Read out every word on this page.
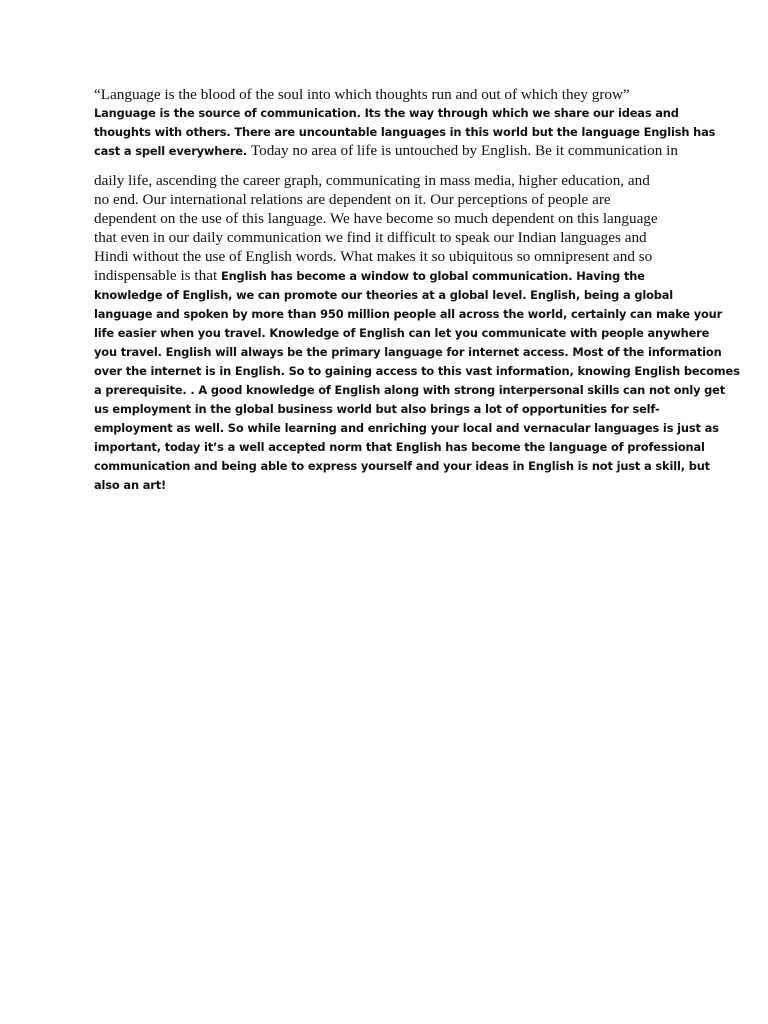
“Language is the blood of the soul into which thoughts run and out of which they grow”
Language is the source of communication. Its the way through which we share our ideas and
thoughts with others. There are uncountable languages in this world but the language English has
cast a spell everywhere. Today no area of life is untouched by English. Be it communication in
daily life, ascending the career graph, communicating in mass media, higher education, and
no end. Our international relations are dependent on it. Our perceptions of people are
dependent on the use of this language. We have become so much dependent on this language
that even in our daily communication we find it difficult to speak our Indian languages and
Hindi without the use of English words. What makes it so ubiquitous so omnipresent and so
indispensable is that English has become a window to global communication. Having the
knowledge of English, we can promote our theories at a global level. English, being a global
language and spoken by more than 950 million people all across the world, certainly can make your
life easier when you travel. Knowledge of English can let you communicate with people anywhere
you travel. English will always be the primary language for internet access. Most of the information
over the internet is in English. So to gaining access to this vast information, knowing English becomes
a prerequisite. . A good knowledge of English along with strong interpersonal skills can not only get
us employment in the global business world but also brings a lot of opportunities for self-
employment as well. So while learning and enriching your local and vernacular languages is just as
important, today it’s a well accepted norm that English has become the language of professional
communication and being able to express yourself and your ideas in English is not just a skill, but
also an art!
